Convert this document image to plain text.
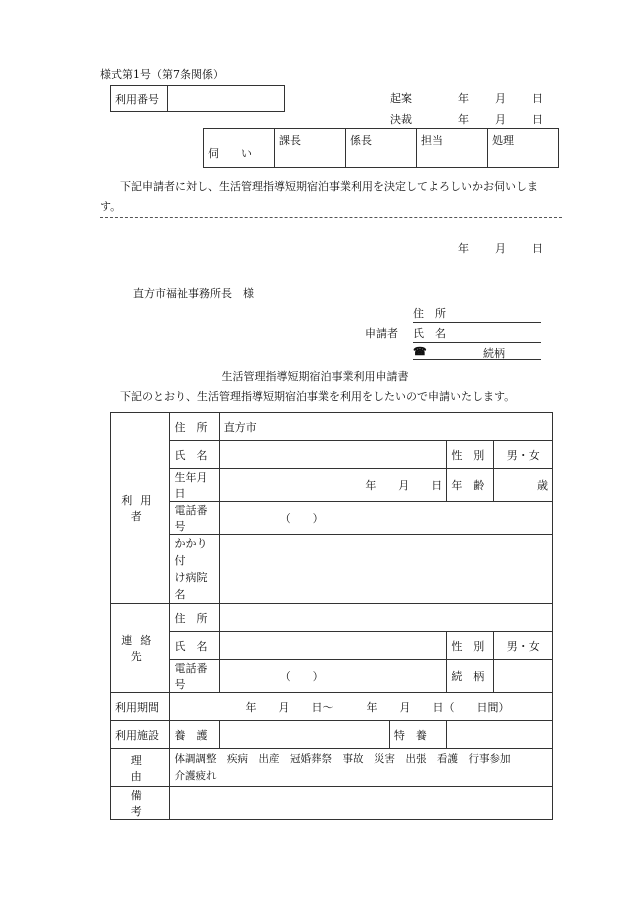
様式第1号（第7条関係）
利用番号		起案	年 月 日
決裁	年 月 日
伺　　い	課長	係長	担当	処理
下記申請者に対し、生活管理指導短期宿泊事業利用を決定してよろしいかお伺いしま
す。
年 月 日
直方市福祉事務所長　様
住　所
申請者 氏　名
☎	続柄
生活管理指導短期宿泊事業利用申請書
下記のとおり、生活管理指導短期宿泊事業を利用をしたいので申請いたします。
利用者	住　所	直方市			
	氏　名			性　別	男・女
	生年月日	年　　月　　日		年　齢	歳
	電話番号	（　　）			
	かかり付
け病院名				
連絡先	住　所				
	氏　名			性　別	男・女
	電話番号	（　　）		続　柄	
利用期間	年　　月　　日～　　　年　　月　　日（　　日間）				
利用施設	養　護		特　養		
理　由	体調調整　疾病　出産　冠婚葬祭　事故　災害　出張　看護　行事参加
介護疲れ				
備　考					
